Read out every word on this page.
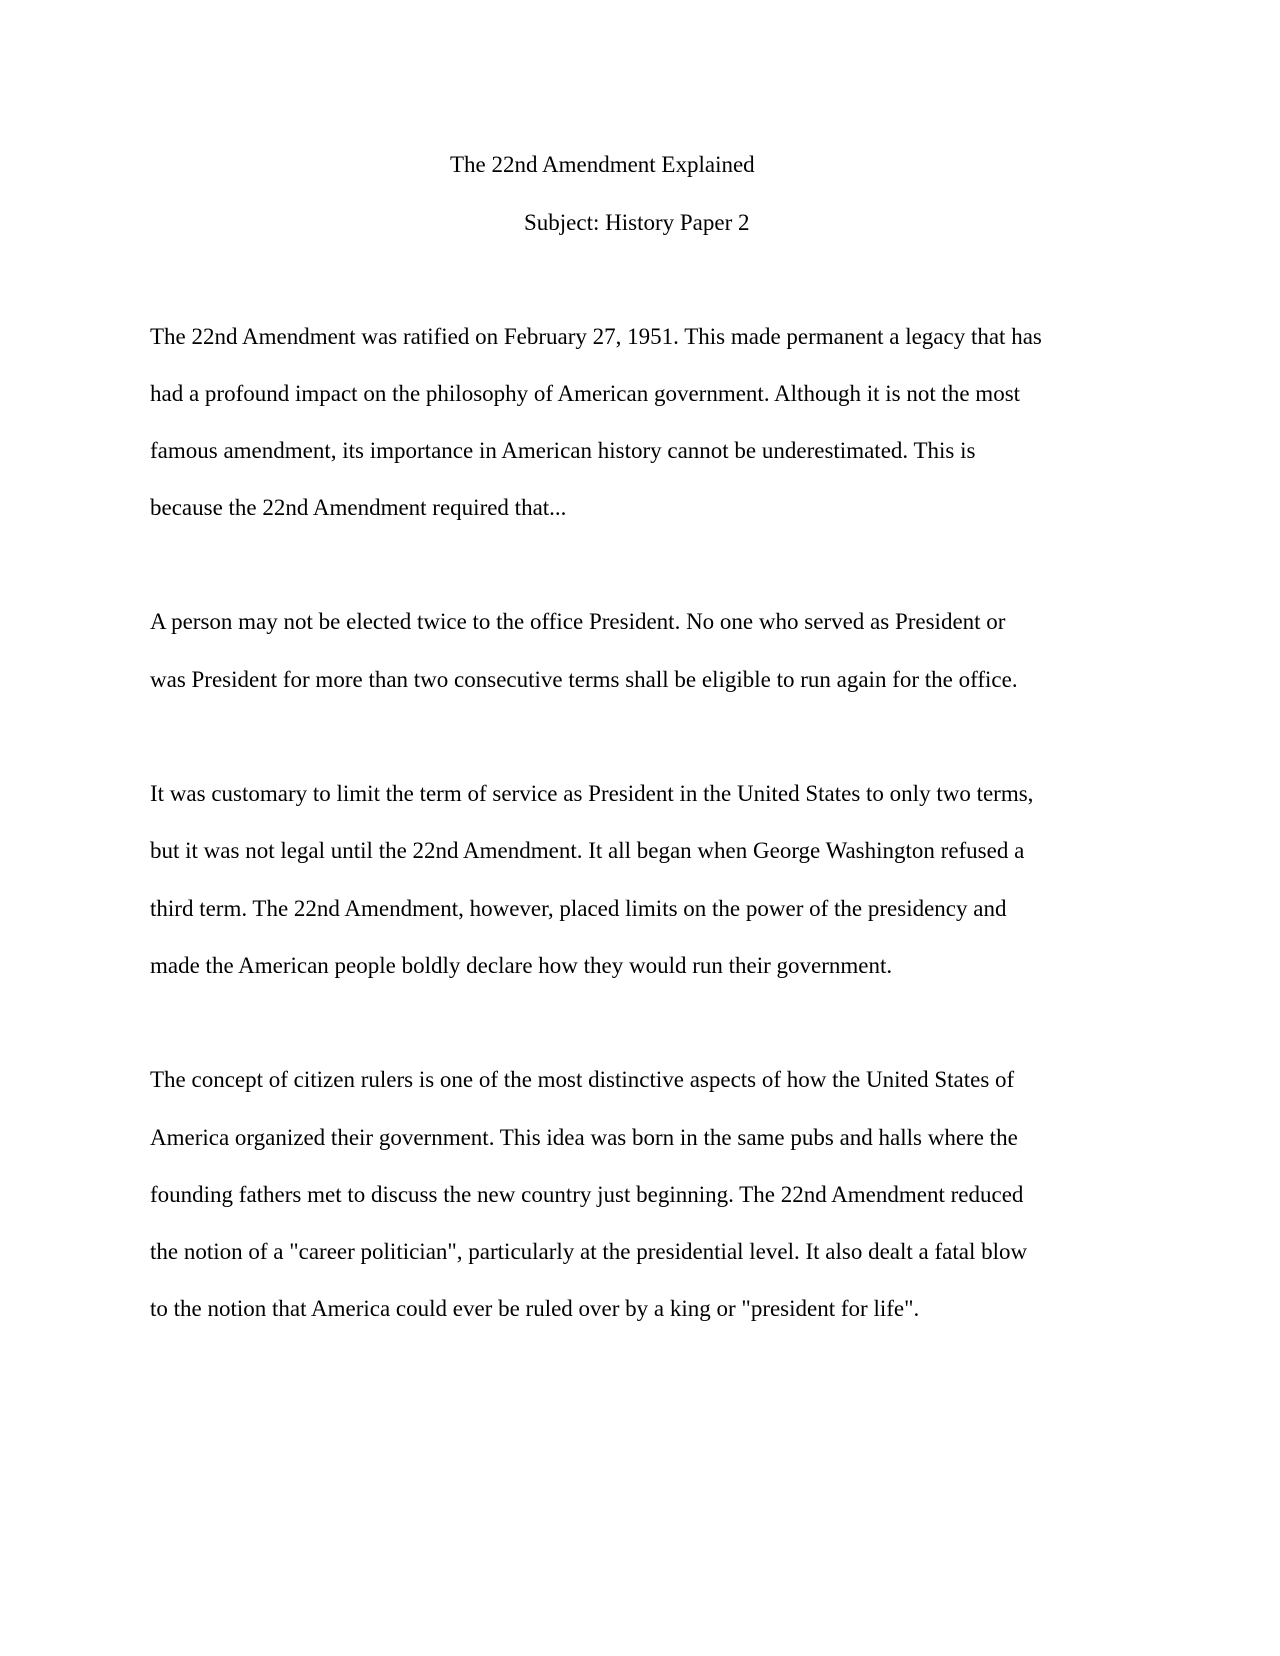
The 22nd Amendment Explained

Subject: History Paper 2

The 22nd Amendment was ratified on February 27, 1951. This made permanent a legacy that has

had a profound impact on the philosophy of American government. Although it is not the most

famous amendment, its importance in American history cannot be underestimated. This is

because the 22nd Amendment required that...

A person may not be elected twice to the office President. No one who served as President or

was President for more than two consecutive terms shall be eligible to run again for the office.

It was customary to limit the term of service as President in the United States to only two terms,

but it was not legal until the 22nd Amendment. It all began when George Washington refused a

third term. The 22nd Amendment, however, placed limits on the power of the presidency and

made the American people boldly declare how they would run their government.

The concept of citizen rulers is one of the most distinctive aspects of how the United States of

America organized their government. This idea was born in the same pubs and halls where the

founding fathers met to discuss the new country just beginning. The 22nd Amendment reduced

the notion of a "career politician", particularly at the presidential level. It also dealt a fatal blow

to the notion that America could ever be ruled over by a king or "president for life".
